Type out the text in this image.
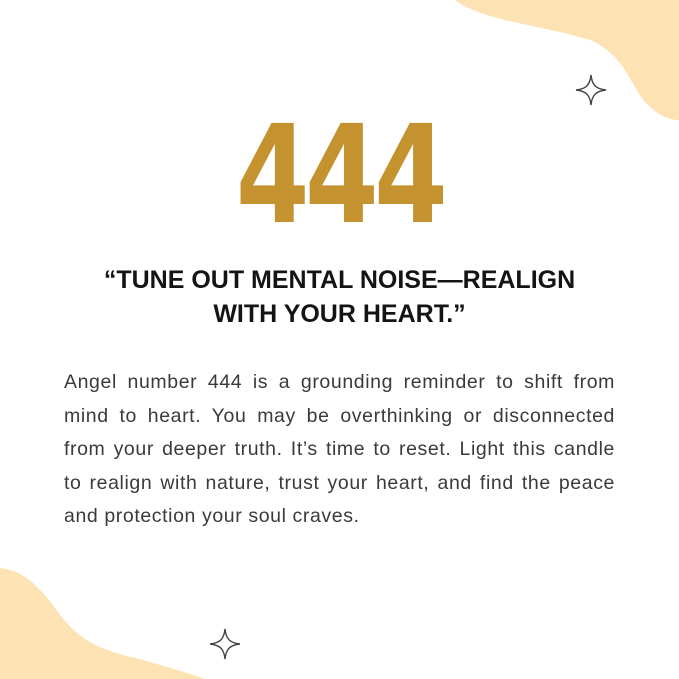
444
“TUNE OUT MENTAL NOISE—REALIGN
WITH YOUR HEART.”
Angel number 444 is a grounding reminder to shift from mind to heart. You may be overthinking or disconnected from your deeper truth. It’s time to reset. Light this candle to realign with nature, trust your heart, and find the peace and protection your soul craves.
